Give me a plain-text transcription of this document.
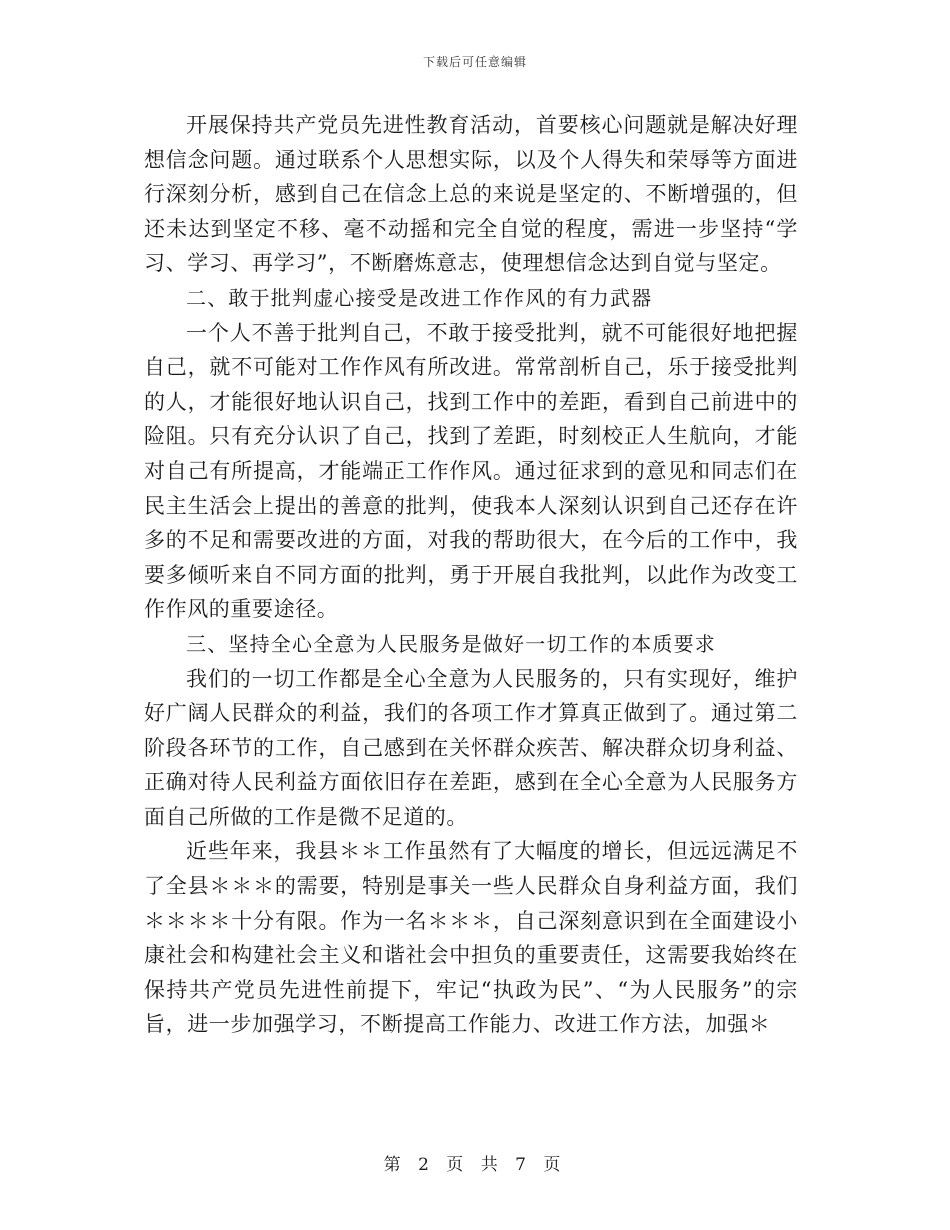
下载后可任意编辑

开展保持共产党员先进性教育活动，首要核心问题就是解决好理想信念问题。通过联系个人思想实际，以及个人得失和荣辱等方面进行深刻分析，感到自己在信念上总的来说是坚定的、不断增强的，但还未达到坚定不移、毫不动摇和完全自觉的程度，需进一步坚持“学习、学习、再学习”，不断磨炼意志，使理想信念达到自觉与坚定。

二、敢于批判虚心接受是改进工作作风的有力武器

一个人不善于批判自己，不敢于接受批判，就不可能很好地把握自己，就不可能对工作作风有所改进。常常剖析自己，乐于接受批判的人，才能很好地认识自己，找到工作中的差距，看到自己前进中的险阻。只有充分认识了自己，找到了差距，时刻校正人生航向，才能对自己有所提高，才能端正工作作风。通过征求到的意见和同志们在民主生活会上提出的善意的批判，使我本人深刻认识到自己还存在许多的不足和需要改进的方面，对我的帮助很大，在今后的工作中，我要多倾听来自不同方面的批判，勇于开展自我批判，以此作为改变工作作风的重要途径。

三、坚持全心全意为人民服务是做好一切工作的本质要求

我们的一切工作都是全心全意为人民服务的，只有实现好，维护好广阔人民群众的利益，我们的各项工作才算真正做到了。通过第二阶段各环节的工作，自己感到在关怀群众疾苦、解决群众切身利益、正确对待人民利益方面依旧存在差距，感到在全心全意为人民服务方面自己所做的工作是微不足道的。

近些年来，我县＊＊工作虽然有了大幅度的增长，但远远满足不了全县＊＊＊的需要，特别是事关一些人民群众自身利益方面，我们＊＊＊＊十分有限。作为一名＊＊＊，自己深刻意识到在全面建设小康社会和构建社会主义和谐社会中担负的重要责任，这需要我始终在保持共产党员先进性前提下，牢记“执政为民”、“为人民服务”的宗旨，进一步加强学习，不断提高工作能力、改进工作方法，加强＊

第 2 页 共 7 页
